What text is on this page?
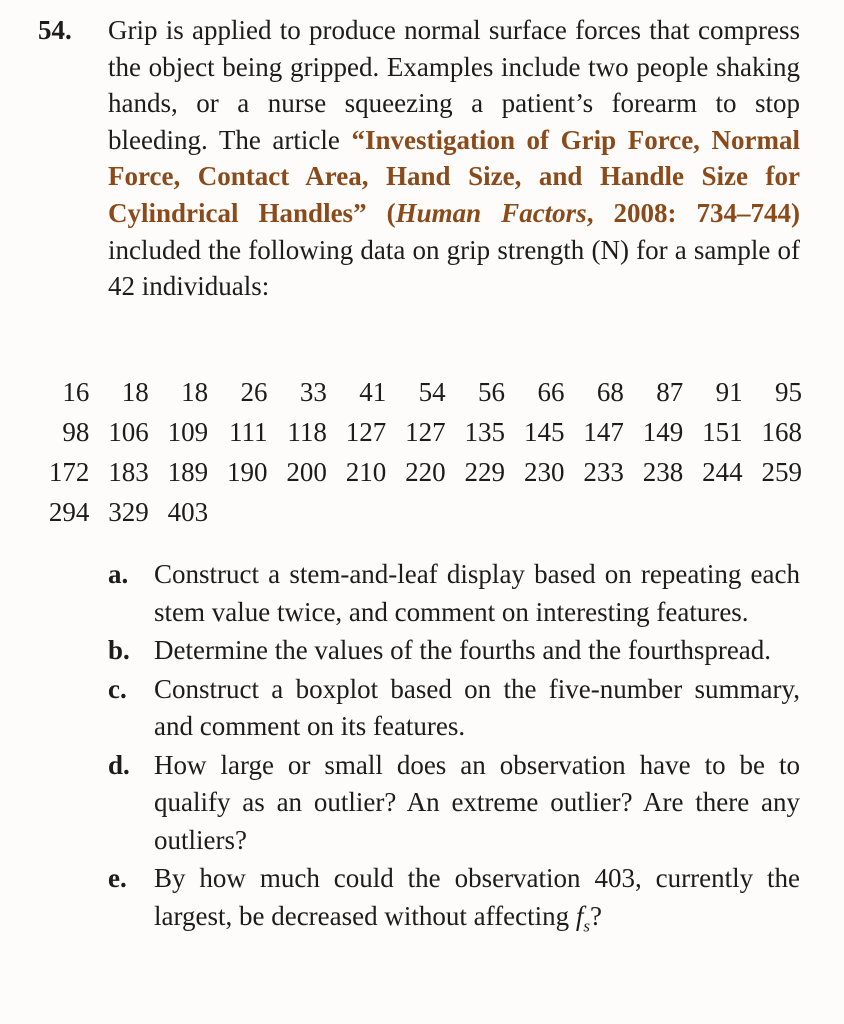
54. Grip is applied to produce normal surface forces that compress the object being gripped. Examples include two people shaking hands, or a nurse squeezing a patient’s forearm to stop bleeding. The article “Investigation of Grip Force, Normal Force, Contact Area, Hand Size, and Handle Size for Cylindrical Handles” (Human Factors, 2008: 734–744) included the following data on grip strength (N) for a sample of 42 individuals:
16	18	18	26	33	41	54	56	66	68	87	91	95
98 106 109 111 118 127 127 135 145 147 149 151 168
172 183 189 190 200 210 220 229 230 233 238 244 259
294 329 403
a. Construct a stem-and-leaf display based on repeating each stem value twice, and comment on interesting features.
b. Determine the values of the fourths and the fourthspread.
c.	Construct a boxplot based on the five-number summary, and comment on its features.
d. How large or small does an observation have to be to qualify as an outlier? An extreme outlier? Are there any outliers?
e.	By how much could the observation 403, currently the largest, be decreased without affecting $f_s$?
